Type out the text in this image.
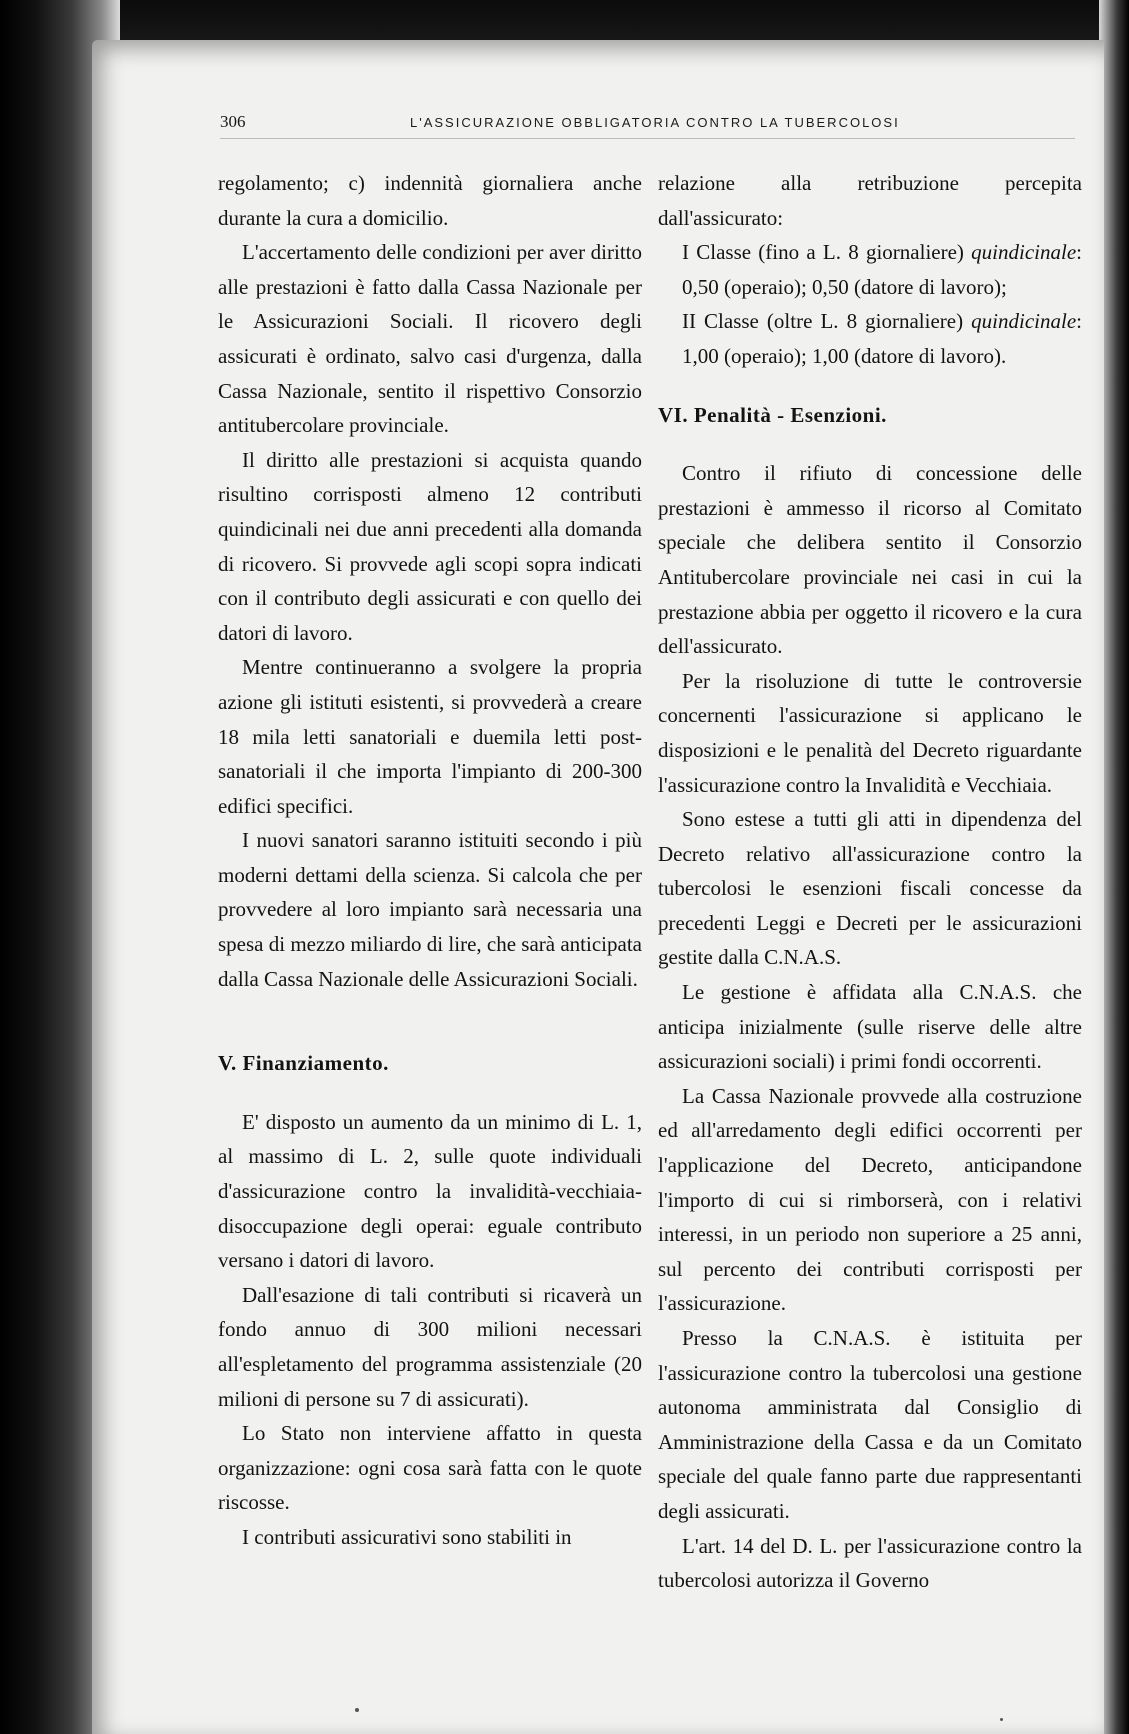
306	L'ASSICURAZIONE OBBLIGATORIA CONTRO LA TUBERCOLOSI

regolamento; c) indennità giornaliera anche durante la cura a domicilio.

L'accertamento delle condizioni per aver diritto alle prestazioni è fatto dalla Cassa Nazionale per le Assicurazioni Sociali. Il ricovero degli assicurati è ordinato, salvo casi d'urgenza, dalla Cassa Nazionale, sentito il rispettivo Consorzio antitubercolare provinciale.

Il diritto alle prestazioni si acquista quando risultino corrisposti almeno 12 contributi quindicinali nei due anni precedenti alla domanda di ricovero. Si provvede agli scopi sopra indicati con il contributo degli assicurati e con quello dei datori di lavoro.

Mentre continueranno a svolgere la propria azione gli istituti esistenti, si provvederà a creare 18 mila letti sanatoriali e duemila letti post-sanatoriali il che importa l'impianto di 200-300 edifici specifici.

I nuovi sanatori saranno istituiti secondo i più moderni dettami della scienza. Si calcola che per provvedere al loro impianto sarà necessaria una spesa di mezzo miliardo di lire, che sarà anticipata dalla Cassa Nazionale delle Assicurazioni Sociali.

V. Finanziamento.

E' disposto un aumento da un minimo di L. 1, al massimo di L. 2, sulle quote individuali d'assicurazione contro la invalidità-vecchiaia-disoccupazione degli operai: eguale contributo versano i datori di lavoro.

Dall'esazione di tali contributi si ricaverà un fondo annuo di 300 milioni necessari all'espletamento del programma assistenziale (20 milioni di persone su 7 di assicurati).

Lo Stato non interviene affatto in questa organizzazione: ogni cosa sarà fatta con le quote riscosse.

I contributi assicurativi sono stabiliti in

relazione alla retribuzione percepita dall'assicurato:

I Classe (fino a L. 8 giornaliere) quindicinale: 0,50 (operaio); 0,50 (datore di lavoro);

II Classe (oltre L. 8 giornaliere) quindicinale: 1,00 (operaio); 1,00 (datore di lavoro).

VI. Penalità - Esenzioni.

Contro il rifiuto di concessione delle prestazioni è ammesso il ricorso al Comitato speciale che delibera sentito il Consorzio Antitubercolare provinciale nei casi in cui la prestazione abbia per oggetto il ricovero e la cura dell'assicurato.

Per la risoluzione di tutte le controversie concernenti l'assicurazione si applicano le disposizioni e le penalità del Decreto riguardante l'assicurazione contro la Invalidità e Vecchiaia.

Sono estese a tutti gli atti in dipendenza del Decreto relativo all'assicurazione contro la tubercolosi le esenzioni fiscali concesse da precedenti Leggi e Decreti per le assicurazioni gestite dalla C.N.A.S.

Le gestione è affidata alla C.N.A.S. che anticipa inizialmente (sulle riserve delle altre assicurazioni sociali) i primi fondi occorrenti.

La Cassa Nazionale provvede alla costruzione ed all'arredamento degli edifici occorrenti per l'applicazione del Decreto, anticipandone l'importo di cui si rimborserà, con i relativi interessi, in un periodo non superiore a 25 anni, sul percento dei contributi corrisposti per l'assicurazione.

Presso la C.N.A.S. è istituita per l'assicurazione contro la tubercolosi una gestione autonoma amministrata dal Consiglio di Amministrazione della Cassa e da un Comitato speciale del quale fanno parte due rappresentanti degli assicurati.

L'art. 14 del D. L. per l'assicurazione contro la tubercolosi autorizza il Governo
